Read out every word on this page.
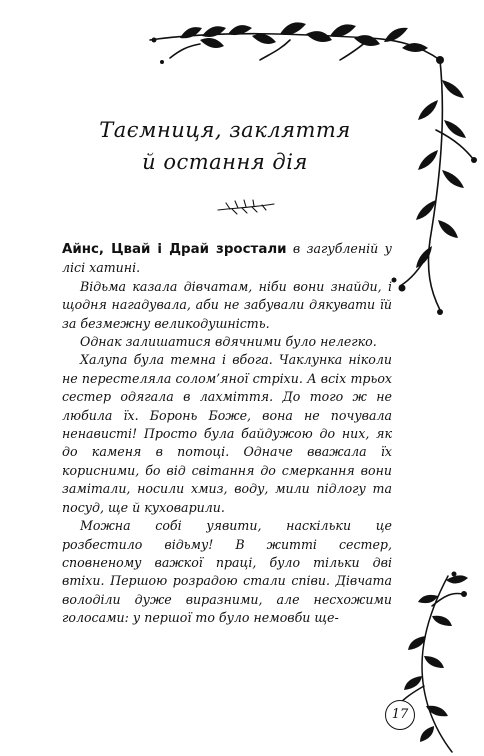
Таємниця, закляття
й остання дія

Айнс, Цвай і Драй зростали в загубленій у лісі хатині.

Відьма казала дівчатам, ніби вони знайди, і щодня нагадувала, аби не забували дякувати їй за безмежну великодушність.

Однак залишатися вдячними було нелегко.

Халупа була темна і вбога. Чаклунка ніколи не перестеляла солом’яної стріхи. А всіх трьох сестер одягала в лахміття. До того ж не любила їх. Боронь Боже, вона не почувала ненависті! Просто була байдужою до них, як до каменя в потоці. Одначе вважала їх корисними, бо від світання до смеркання вони замітали, носили хмиз, воду, мили підлогу та посуд, ще й куховарили.

Можна собі уявити, наскільки це розбестило відьму! В житті сестер, сповненому важкої праці, було тільки дві втіхи. Першою розрадою стали співи. Дівчата володіли дуже виразними, але несхожими голосами: у першої то було немовби ще-

17
